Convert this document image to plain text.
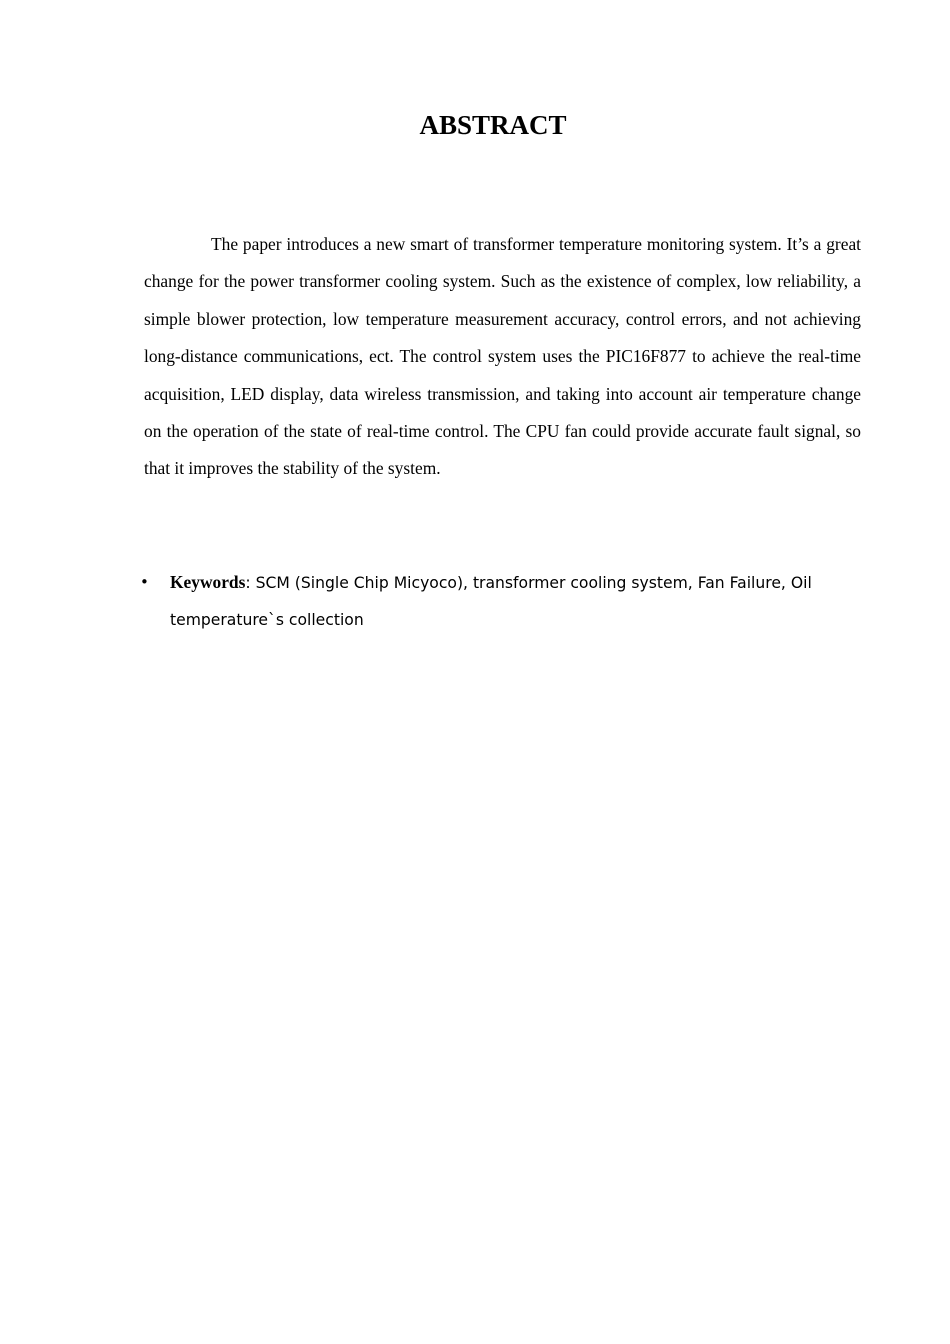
ABSTRACT

The paper introduces a new smart of transformer temperature monitoring system. It’s a great change for the power transformer cooling system. Such as the existence of complex, low reliability, a simple blower protection, low temperature measurement accuracy, control errors, and not achieving long-distance communications, ect. The control system uses the PIC16F877 to achieve the real-time acquisition, LED display, data wireless transmission, and taking into account air temperature change on the operation of the state of real-time control. The CPU fan could provide accurate fault signal, so that it improves the stability of the system.

• Keywords: SCM (Single Chip Micyoco), transformer cooling system, Fan Failure, Oil temperature`s collection
